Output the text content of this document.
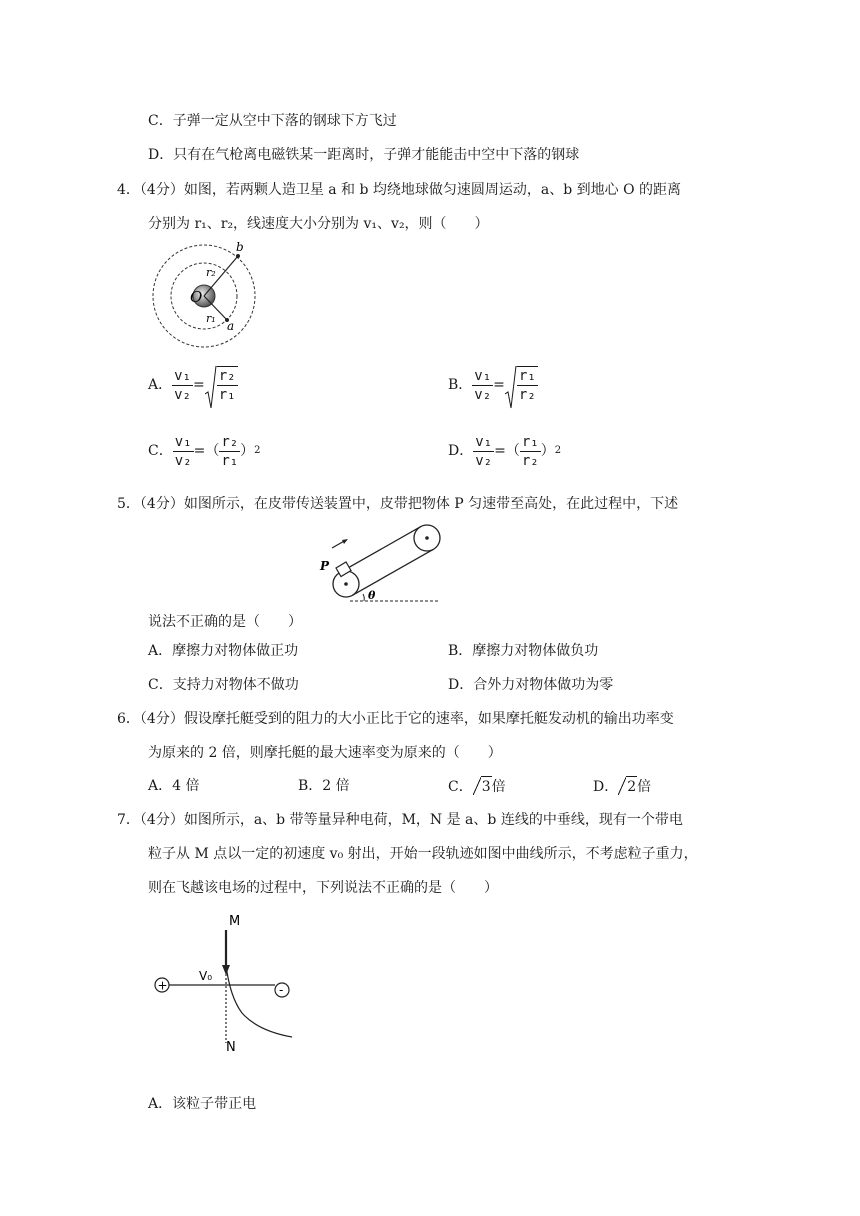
C．子弹一定从空中下落的钢球下方飞过
D．只有在气枪离电磁铁某一距离时，子弹才能能击中空中下落的钢球
4．（4分）如图，若两颗人造卫星 a 和 b 均绕地球做匀速圆周运动，a、b 到地心 O 的距离
分别为 r₁、r₂，线速度大小分别为 v₁、v₂，则（　　）
O
b
a
r₂
r₁
A． $\frac{\text{v₁}}{\text{v₂}} = \frac{\text{r₂}}{\text{r₁}}$	B． $\frac{\text{v₁}}{\text{v₂}} = \frac{\text{r₁}}{\text{r₂}}$
C． $\frac{\text{v₁}}{\text{v₂}}$ = （ $\frac{\text{r₂}}{\text{r₁}}$ ） 2	D． $\frac{\text{v₁}}{\text{v₂}}$ = （ $\frac{\text{r₁}}{\text{r₂}}$ ） 2
5．（4分）如图所示，在皮带传送装置中，皮带把物体 P 匀速带至高处，在此过程中，下述
P
θ
说法不正确的是（　　）
A．摩擦力对物体做正功	B．摩擦力对物体做负功
C．支持力对物体不做功	D．合外力对物体做功为零
6．（4分）假设摩托艇受到的阻力的大小正比于它的速率，如果摩托艇发动机的输出功率变
为原来的 2 倍，则摩托艇的最大速率变为原来的（　　）
A．4 倍	B．2 倍	C． 3倍	D． 2倍
7．（4分）如图所示，a、b 带等量异种电荷，M，N 是 a、b 连线的中垂线，现有一个带电
粒子从 M 点以一定的初速度 v₀ 射出，开始一段轨迹如图中曲线所示，不考虑粒子重力，
则在飞越该电场的过程中，下列说法不正确的是（　　）
M
V₀
+	-
N
A．该粒子带正电
